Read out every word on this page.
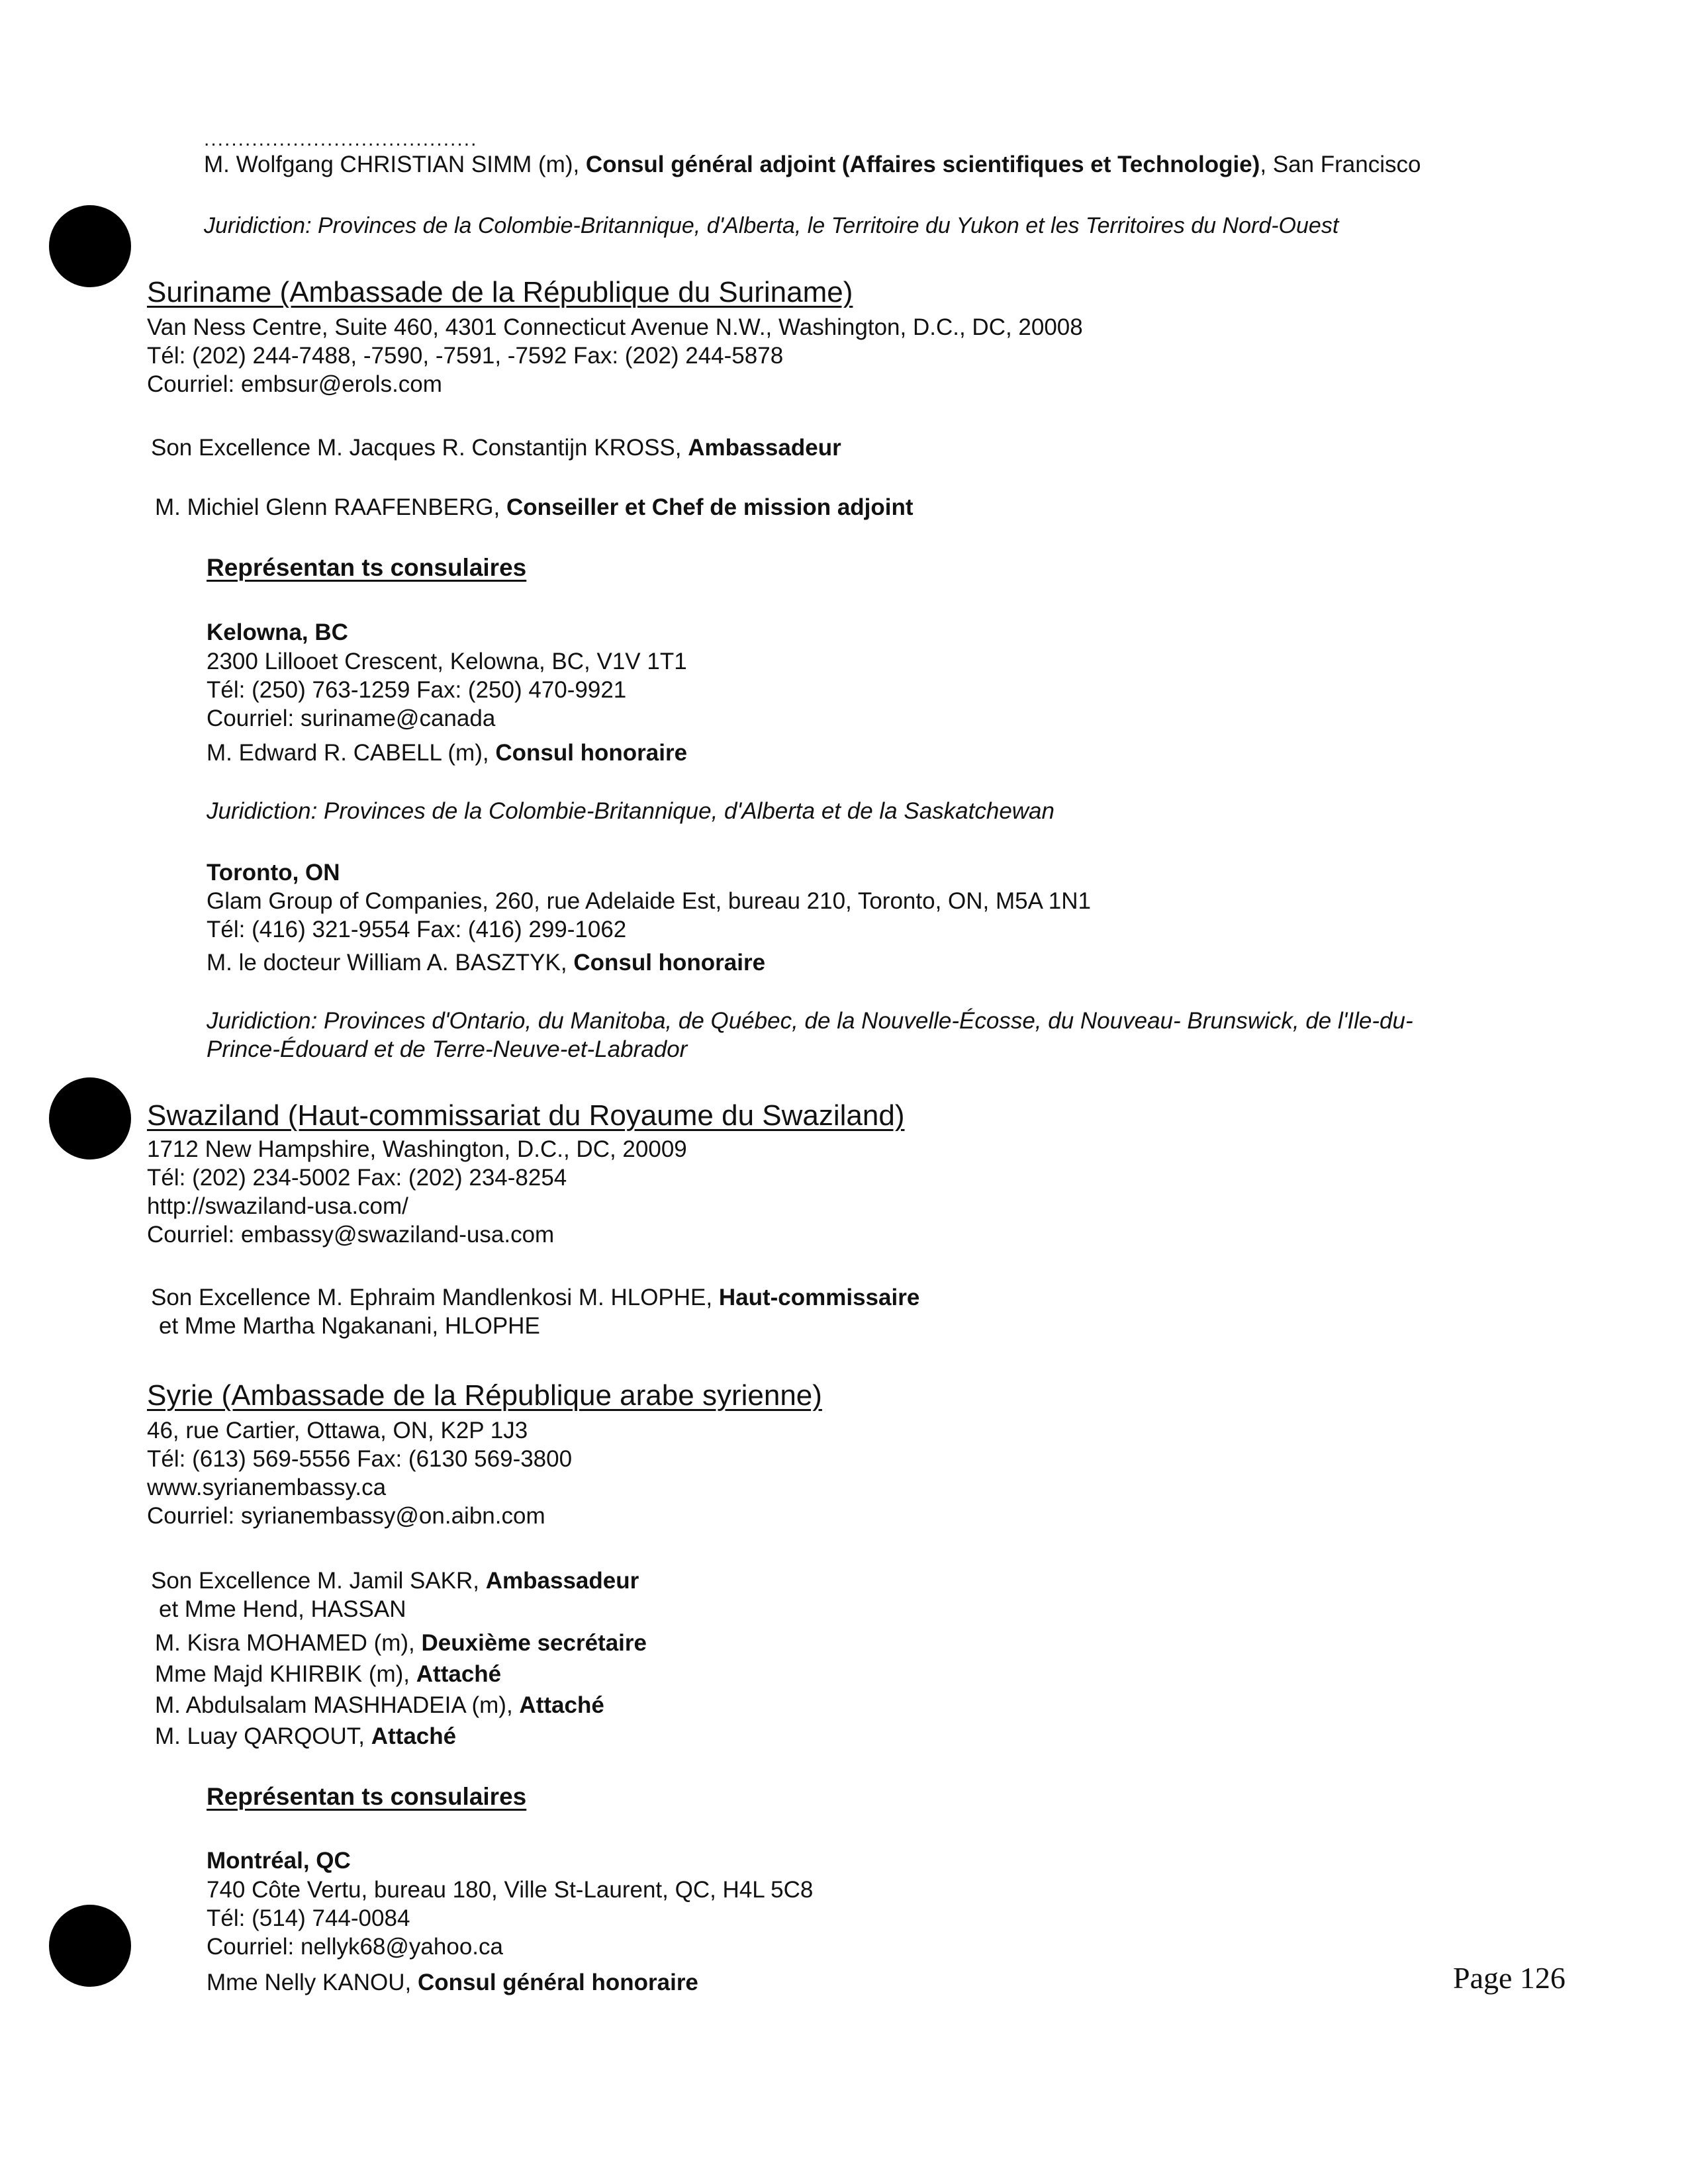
........................................
M. Wolfgang CHRISTIAN SIMM (m), Consul général adjoint (Affaires scientifiques et Technologie), San Francisco
Juridiction: Provinces de la Colombie-Britannique, d'Alberta, le Territoire du Yukon et les Territoires du Nord-Ouest
Suriname (Ambassade de la République du Suriname)
Van Ness Centre, Suite 460, 4301 Connecticut Avenue N.W., Washington, D.C., DC, 20008
Tél: (202) 244-7488, -7590, -7591, -7592 Fax: (202) 244-5878
Courriel: embsur@erols.com
Son Excellence M. Jacques R. Constantijn KROSS, Ambassadeur
M. Michiel Glenn RAAFENBERG, Conseiller et Chef de mission adjoint
Représentan ts consulaires
Kelowna, BC
2300 Lillooet Crescent, Kelowna, BC, V1V 1T1
Tél: (250) 763-1259 Fax: (250) 470-9921
Courriel: suriname@canada
M. Edward R. CABELL (m), Consul honoraire
Juridiction: Provinces de la Colombie-Britannique, d'Alberta et de la Saskatchewan
Toronto, ON
Glam Group of Companies, 260, rue Adelaide Est, bureau 210, Toronto, ON, M5A 1N1
Tél: (416) 321-9554 Fax: (416) 299-1062
M. le docteur William A. BASZTYK, Consul honoraire
Juridiction: Provinces d'Ontario, du Manitoba, de Québec, de la Nouvelle-Écosse, du Nouveau- Brunswick, de l'Ile-du-
Prince-Édouard et de Terre-Neuve-et-Labrador
Swaziland (Haut-commissariat du Royaume du Swaziland)
1712 New Hampshire, Washington, D.C., DC, 20009
Tél: (202) 234-5002 Fax: (202) 234-8254
http://swaziland-usa.com/
Courriel: embassy@swaziland-usa.com
Son Excellence M. Ephraim Mandlenkosi M. HLOPHE, Haut-commissaire
et Mme Martha Ngakanani, HLOPHE
Syrie (Ambassade de la République arabe syrienne)
46, rue Cartier, Ottawa, ON, K2P 1J3
Tél: (613) 569-5556 Fax: (6130 569-3800
www.syrianembassy.ca
Courriel: syrianembassy@on.aibn.com
Son Excellence M. Jamil SAKR, Ambassadeur
et Mme Hend, HASSAN
M. Kisra MOHAMED (m), Deuxième secrétaire
Mme Majd KHIRBIK (m), Attaché
M. Abdulsalam MASHHADEIA (m), Attaché
M. Luay QARQOUT, Attaché
Représentan ts consulaires
Montréal, QC
740 Côte Vertu, bureau 180, Ville St-Laurent, QC, H4L 5C8
Tél: (514) 744-0084
Courriel: nellyk68@yahoo.ca
Mme Nelly KANOU, Consul général honoraire	Page 126
